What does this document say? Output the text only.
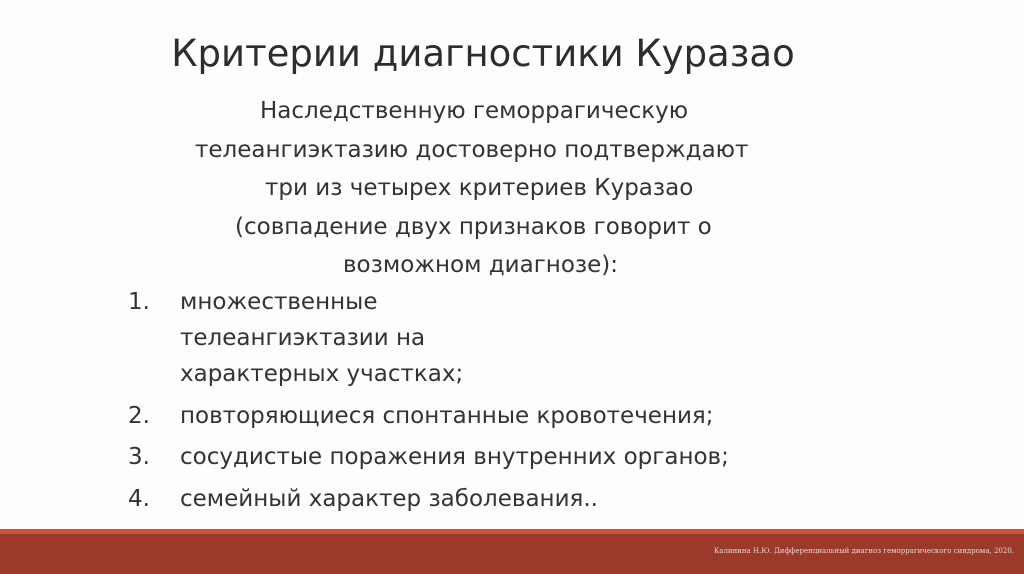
Критерии диагностики Куразао
Наследственную геморрагическую
телеангиэктазию достоверно подтверждают
три из четырех критериев Куразао
(совпадение двух признаков говорит о
возможном диагнозе):
1. множественные телеангиэктазии на характерных участках;
2. повторяющиеся спонтанные кровотечения;
3. сосудистые поражения внутренних органов;
4. семейный характер заболевания..
Калинина Н.Ю. Дифференциальный диагноз геморрагического синдрома, 2020.
